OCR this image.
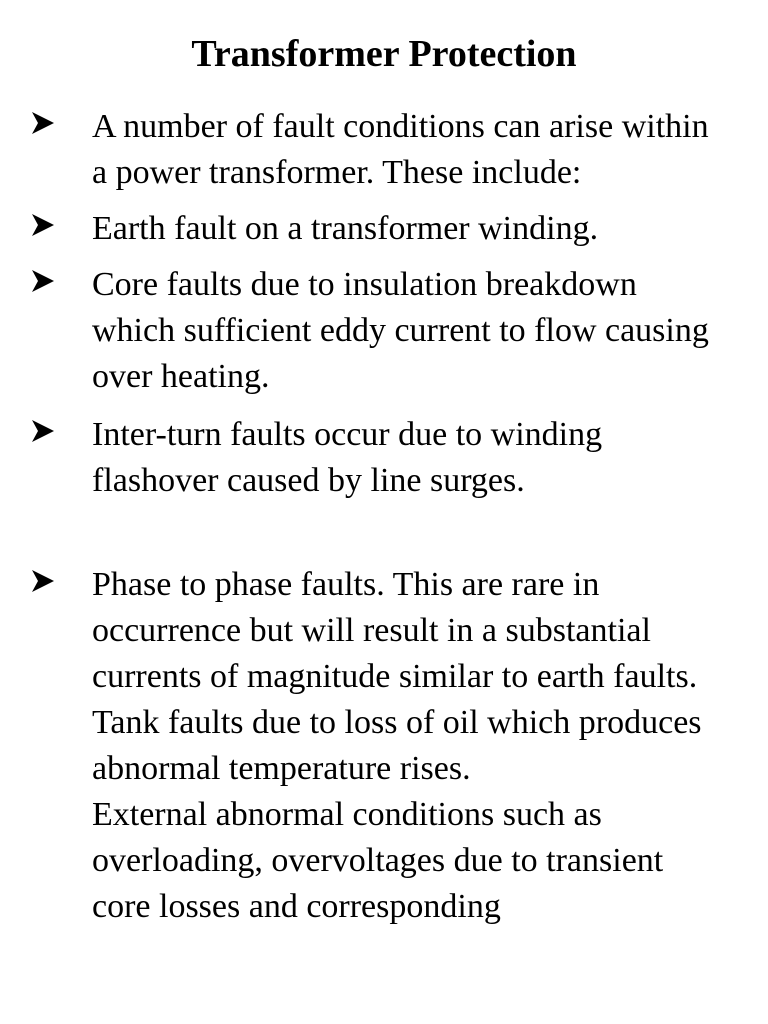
Transformer Protection
A number of fault conditions can arise within a power transformer. These include:
Earth fault on a transformer winding.
Core faults due to insulation breakdown which sufficient eddy current to flow causing over heating.
Inter-turn faults occur due to winding flashover caused by line surges.
Phase to phase faults. This are rare in occurrence but will result in a substantial currents of magnitude similar to earth faults.
Tank faults due to loss of oil which produces abnormal temperature rises.
External abnormal conditions such as overloading, overvoltages due to transient core losses and corresponding
